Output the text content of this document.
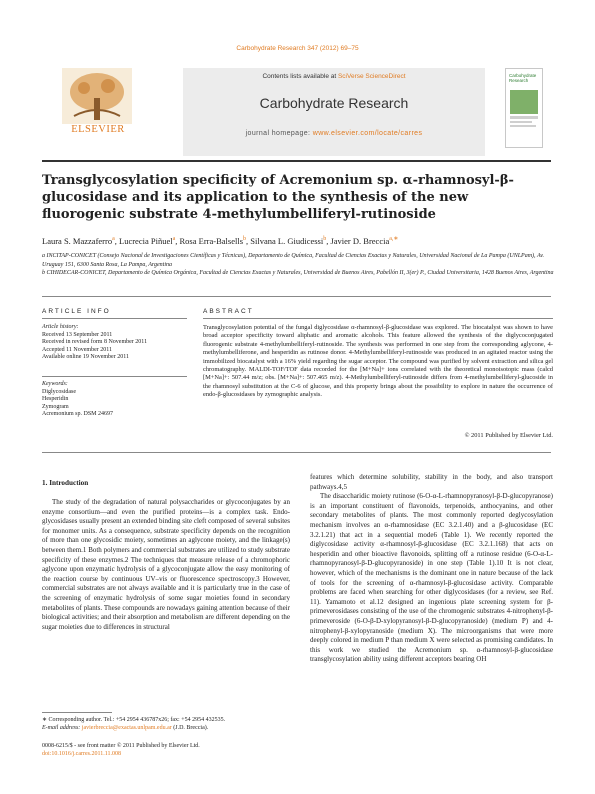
Carbohydrate Research 347 (2012) 69–75
Contents lists available at SciVerse ScienceDirect
Carbohydrate Research
journal homepage: www.elsevier.com/locate/carres
ELSEVIER
Carbohydrate Research
Transglycosylation specificity of Acremonium sp. α-rhamnosyl-β-glucosidase and its application to the synthesis of the new fluorogenic substrate 4-methylumbelliferyl-rutinoside
Laura S. Mazzaferro$^a$, Lucrecia Piñuel$^a$, Rosa Erra-Balsells$^b$, Silvana L. Giudicessi$^b$, Javier D. Breccia$^{a,∗}$
a INCITAP-CONICET (Consejo Nacional de Investigaciones Científicas y Técnicas), Departamento de Química, Facultad de Ciencias Exactas y Naturales, Universidad Nacional de La Pampa (UNLPam), Av. Uruguay 151, 6300 Santa Rosa, La Pampa, Argentina
b CIHIDECAR-CONICET, Departamento de Química Orgánica, Facultad de Ciencias Exactas y Naturales, Universidad de Buenos Aires, Pabellón II, 3(er) P., Ciudad Universitaria, 1428 Buenos Aires, Argentina
ARTICLE INFO	ABSTRACT
Article history:
Received 13 September 2011
Received in revised form 8 November 2011
Accepted 11 November 2011
Available online 19 November 2011
Keywords:
Diglycosidase
Hesperidin
Zymogram
Acremonium sp. DSM 24697
Transglycosylation potential of the fungal diglycosidase α-rhamnosyl-β-glucosidase was explored. The biocatalyst was shown to have broad acceptor specificity toward aliphatic and aromatic alcohols. This feature allowed the synthesis of the diglycoconjugated fluorogenic substrate 4-methylumbelliferyl-rutinoside. The synthesis was performed in one step from the corresponding aglycone, 4-methylumbelliferone, and hesperidin as rutinose donor. 4-Methylumbelliferyl-rutinoside was produced in an agitated reactor using the immobilized biocatalyst with a 16% yield regarding the sugar acceptor. The compound was purified by solvent extraction and silica gel chromatography. MALDI-TOF/TOF data recorded for the [M+Na]+ ions correlated with the theoretical monoisotopic mass (calcd [M+Na]+: 507.44 m/z; obs. [M+Na]+: 507.465 m/z). 4-Methylumbelliferyl-rutinoside differs from 4-methylumbelliferyl-glucoside in the rhamnosyl substitution at the C-6 of glucose, and this property brings about the possibility to explore in nature the occurrence of endo-β-glucosidases by zymographic analysis.
© 2011 Published by Elsevier Ltd.
1. Introduction

The study of the degradation of natural polysaccharides or glycoconjugates by an enzyme consortium—and even the purified proteins—is a complex task. Endo-glycosidases usually present an extended binding site cleft composed of several subsites for monomer units. As a consequence, substrate specificity depends on the recognition of more than one glycosidic moiety, sometimes an aglycone moiety, and the linkage(s) between them.1 Both polymers and commercial substrates are utilized to study substrate specificity of these enzymes.2 The techniques that measure release of a chromophoric aglycone upon enzymatic hydrolysis of a glycoconjugate allow the easy monitoring of the reaction course by continuous UV–vis or fluorescence spectroscopy.3 However, commercial substrates are not always available and it is particularly true in the case of the screening of enzymatic hydrolysis of some sugar moieties found in secondary metabolites of plants. These compounds are nowadays gaining attention because of their biological activities; and their absorption and metabolism are different depending on the sugar moieties due to differences in structural

features which determine solubility, stability in the body, and also transport pathways.4,5

The disaccharidic moiety rutinose (6-O-α-L-rhamnopyranosyl-β-D-glucopyranose) is an important constituent of flavonoids, terpenoids, anthocyanins, and other secondary metabolites of plants. The most commonly reported deglycosylation mechanism involves an α-rhamnosidase (EC 3.2.1.40) and a β-glucosidase (EC 3.2.1.21) that act in a sequential mode6 (Table 1). We recently reported the diglycosidase activity α-rhamnosyl-β-glucosidase (EC 3.2.1.168) that acts on hesperidin and other bioactive flavonoids, splitting off a rutinose residue (6-O-α-L-rhamnopyranosyl-β-D-glucopyranoside) in one step (Table 1).10 It is not clear, however, which of the mechanisms is the dominant one in nature because of the lack of tools for the screening of α-rhamnosyl-β-glucosidase activity. Comparable problems are faced when searching for other diglycosidases (for a review, see Ref. 11). Yamamoto et al.12 designed an ingenious plate screening system for β-primeverosidases consisting of the use of the chromogenic substrates 4-nitrophenyl-β-primeveroside (6-O-β-D-xylopyranosyl-β-D-glucopyranoside) (medium P) and 4-nitrophenyl-β-xylopyranoside (medium X). The microorganisms that were more deeply colored in medium P than medium X were selected as promising candidates. In this work we studied the Acremonium sp. α-rhamnosyl-β-glucosidase transglycosylation ability using different acceptors bearing OH

∗ Corresponding author. Tel.: +54 2954 436787x26; fax: +54 2954 432535.
E-mail address: javierbreccia@exactas.unlpam.edu.ar (J.D. Breccia).
0008-6215/$ - see front matter © 2011 Published by Elsevier Ltd.
doi:10.1016/j.carres.2011.11.008
